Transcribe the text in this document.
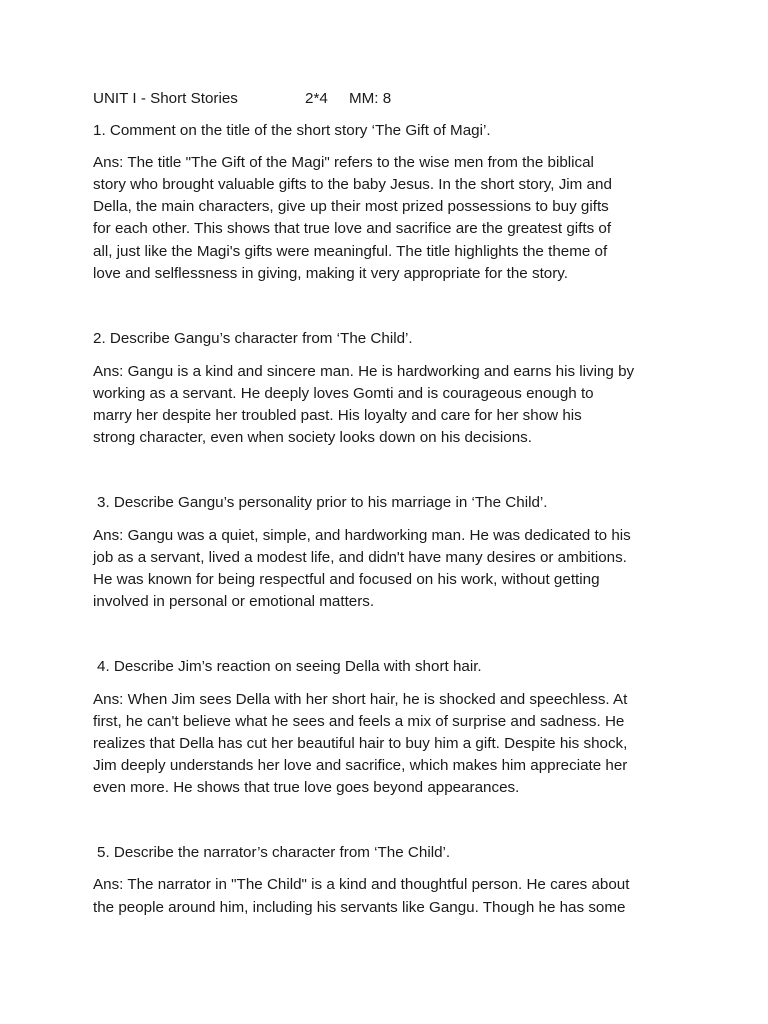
UNIT I - Short Stories	2*4 MM: 8
1. Comment on the title of the short story ‘The Gift of Magi’.
Ans: The title "The Gift of the Magi" refers to the wise men from the biblical
story who brought valuable gifts to the baby Jesus. In the short story, Jim and
Della, the main characters, give up their most prized possessions to buy gifts
for each other. This shows that true love and sacrifice are the greatest gifts of
all, just like the Magi's gifts were meaningful. The title highlights the theme of
love and selflessness in giving, making it very appropriate for the story.
2. Describe Gangu’s character from ‘The Child’.
Ans: Gangu is a kind and sincere man. He is hardworking and earns his living by
working as a servant. He deeply loves Gomti and is courageous enough to
marry her despite her troubled past. His loyalty and care for her show his
strong character, even when society looks down on his decisions.
3. Describe Gangu’s personality prior to his marriage in ‘The Child’.
Ans: Gangu was a quiet, simple, and hardworking man. He was dedicated to his
job as a servant, lived a modest life, and didn't have many desires or ambitions.
He was known for being respectful and focused on his work, without getting
involved in personal or emotional matters.
4. Describe Jim’s reaction on seeing Della with short hair.
Ans: When Jim sees Della with her short hair, he is shocked and speechless. At
first, he can't believe what he sees and feels a mix of surprise and sadness. He
realizes that Della has cut her beautiful hair to buy him a gift. Despite his shock,
Jim deeply understands her love and sacrifice, which makes him appreciate her
even more. He shows that true love goes beyond appearances.
5. Describe the narrator’s character from ‘The Child’.
Ans: The narrator in "The Child" is a kind and thoughtful person. He cares about
the people around him, including his servants like Gangu. Though he has some
